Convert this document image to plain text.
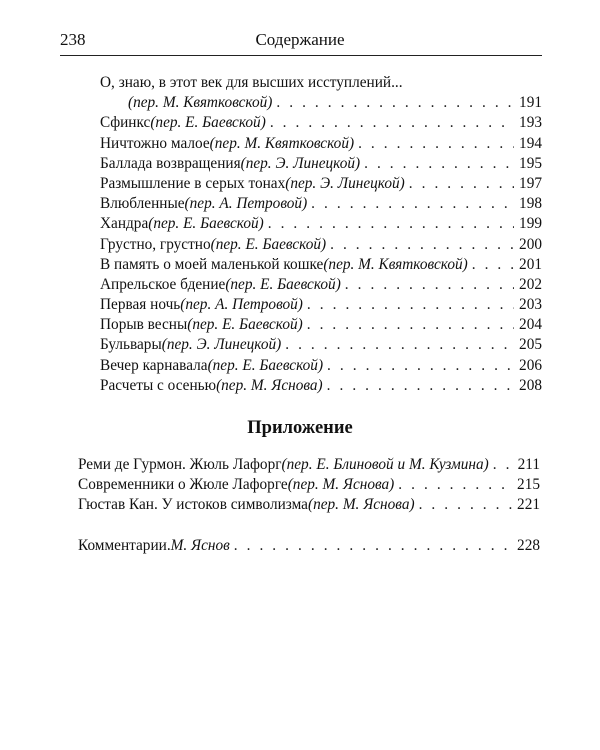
238	Содержание
О, знаю, в этот век для высших исступлений...
(пер. М. Квятковской) . . .	191
Сфинкс (пер. Е. Баевской) . . .	193
Ничтожно малое (пер. М. Квятковской) . . .	194
Баллада возвращения (пер. Э. Линецкой) . . .	195
Размышление в серых тонах (пер. Э. Линецкой) . . .	197
Влюбленные (пер. А. Петровой) . . .	198
Хандра (пер. Е. Баевской) . . .	199
Грустно, грустно (пер. Е. Баевской) . . .	200
В память о моей маленькой кошке (пер. М. Квятковской) . . .	201
Апрельское бдение (пер. Е. Баевской) . . .	202
Первая ночь (пер. А. Петровой) . . .	203
Порыв весны (пер. Е. Баевской) . . .	204
Бульвары (пер. Э. Линецкой) . . .	205
Вечер карнавала (пер. Е. Баевской) . . .	206
Расчеты с осенью (пер. М. Яснова) . . .	208
Приложение
Реми де Гурмон. Жюль Лафорг (пер. Е. Блиновой и М. Кузмина) . . . 211
Современники о Жюле Лафорге (пер. М. Яснова) . . .	215
Гюстав Кан. У истоков символизма (пер. М. Яснова) . . .	221
Комментарии. М. Яснов . . .	228
